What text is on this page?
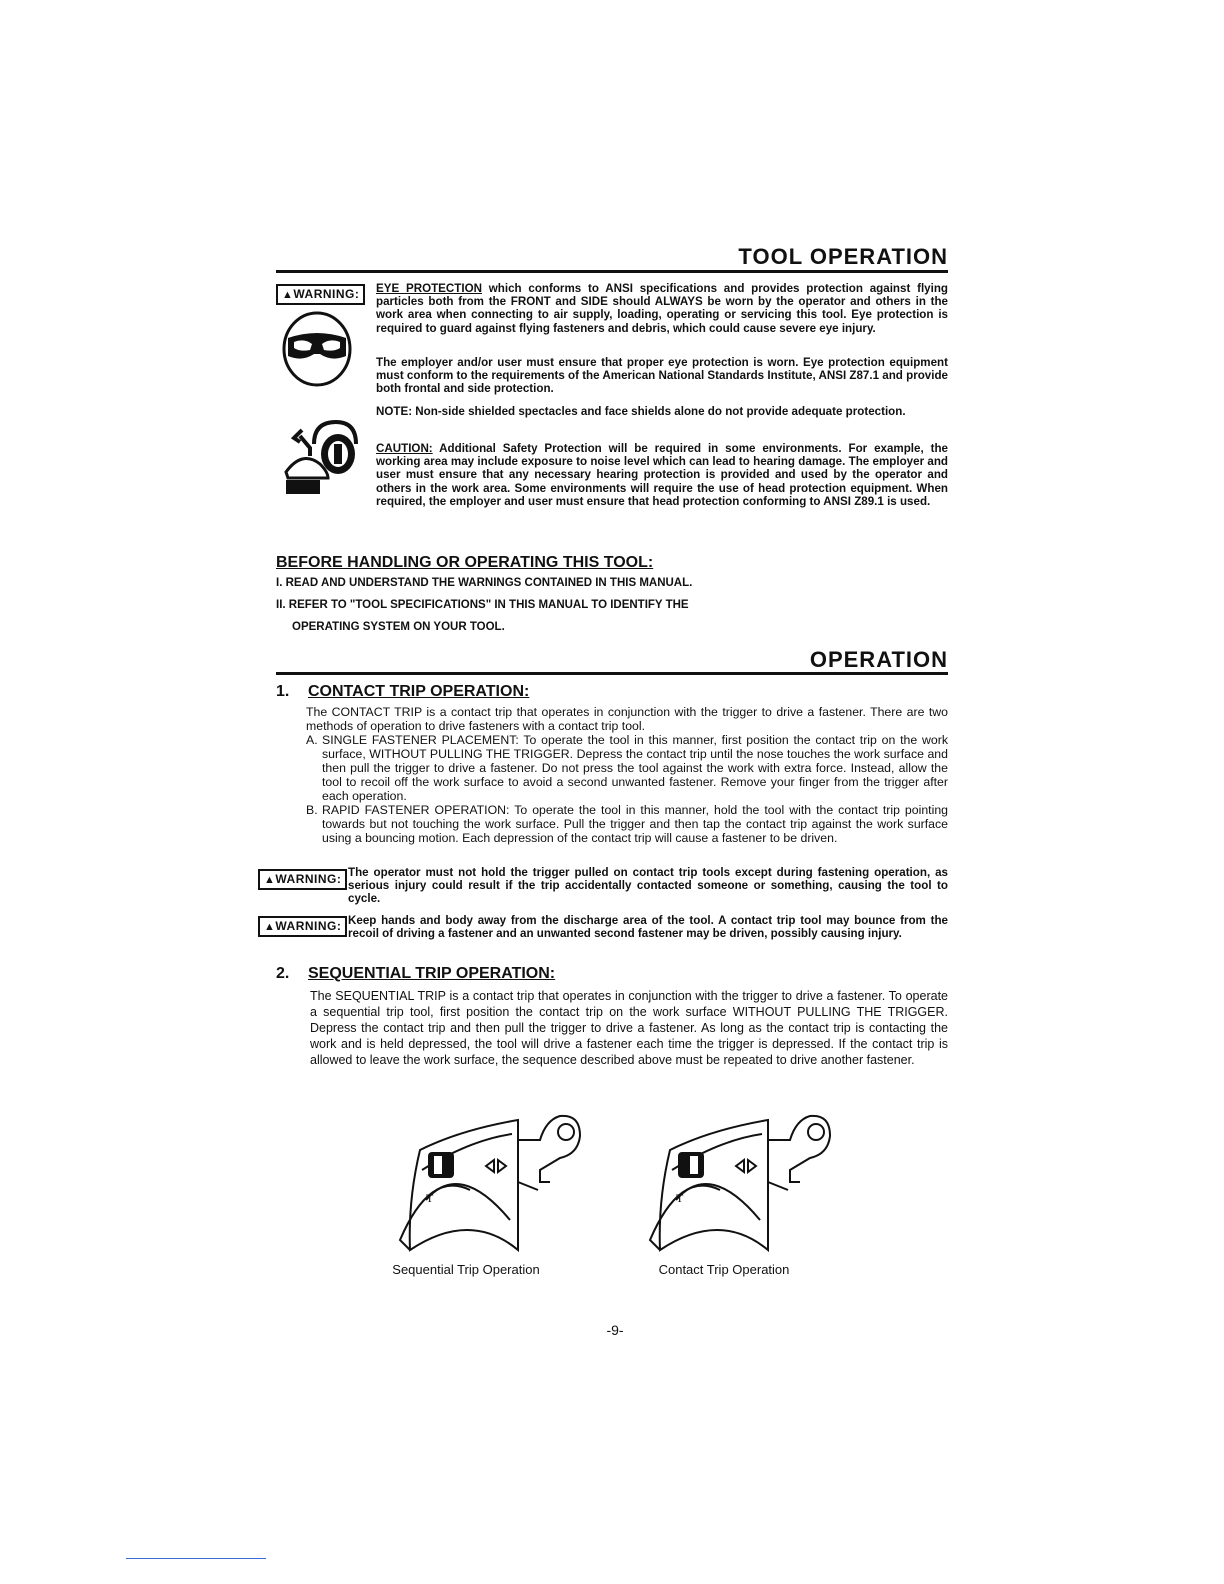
TOOL OPERATION
▲WARNING:	EYE PROTECTION which conforms to ANSI specifications and provides protection against flying particles both from the FRONT and SIDE should ALWAYS be worn by the operator and others in the work area when connecting to air supply, loading, operating or servicing this tool. Eye protection is required to guard against flying fasteners and debris, which could cause severe eye injury.

The employer and/or user must ensure that proper eye protection is worn. Eye protection equipment must conform to the requirements of the American National Standards Institute, ANSI Z87.1 and provide both frontal and side protection.

NOTE: Non-side shielded spectacles and face shields alone do not provide adequate protection.

CAUTION: Additional Safety Protection will be required in some environments. For example, the working area may include exposure to noise level which can lead to hearing damage. The employer and user must ensure that any necessary hearing protection is provided and used by the operator and others in the work area. Some environments will require the use of head protection equipment. When required, the employer and user must ensure that head protection conforming to ANSI Z89.1 is used.

BEFORE HANDLING OR OPERATING THIS TOOL:
I. READ AND UNDERSTAND THE WARNINGS CONTAINED IN THIS MANUAL.
II. REFER TO "TOOL SPECIFICATIONS" IN THIS MANUAL TO IDENTIFY THE
OPERATING SYSTEM ON YOUR TOOL.
OPERATION
1. CONTACT TRIP OPERATION:

The CONTACT TRIP is a contact trip that operates in conjunction with the trigger to drive a fastener. There are two methods of operation to drive fasteners with a contact trip tool.

A. SINGLE FASTENER PLACEMENT: To operate the tool in this manner, first position the contact trip on the work surface, WITHOUT PULLING THE TRIGGER. Depress the contact trip until the nose touches the work surface and then pull the trigger to drive a fastener. Do not press the tool against the work with extra force. Instead, allow the tool to recoil off the work surface to avoid a second unwanted fastener. Remove your finger from the trigger after each operation.

B. RAPID FASTENER OPERATION: To operate the tool in this manner, hold the tool with the contact trip pointing towards but not touching the work surface. Pull the trigger and then tap the contact trip against the work surface using a bouncing motion. Each depression of the contact trip will cause a fastener to be driven.

▲WARNING: The operator must not hold the trigger pulled on contact trip tools except during fastening operation, as serious injury could result if the trip accidentally contacted someone or something, causing the tool to cycle.

▲WARNING: Keep hands and body away from the discharge area of the tool. A contact trip tool may bounce from the recoil of driving a fastener and an unwanted second fastener may be driven, possibly causing injury.

2. SEQUENTIAL TRIP OPERATION:

The SEQUENTIAL TRIP is a contact trip that operates in conjunction with the trigger to drive a fastener. To operate a sequential trip tool, first position the contact trip on the work surface WITHOUT PULLING THE TRIGGER. Depress the contact trip and then pull the trigger to drive a fastener. As long as the contact trip is contacting the work and is held depressed, the tool will drive a fastener each time the trigger is depressed. If the contact trip is allowed to leave the work surface, the sequence described above must be repeated to drive another fastener.

T	T
Sequential Trip Operation	Contact Trip Operation
-9-
